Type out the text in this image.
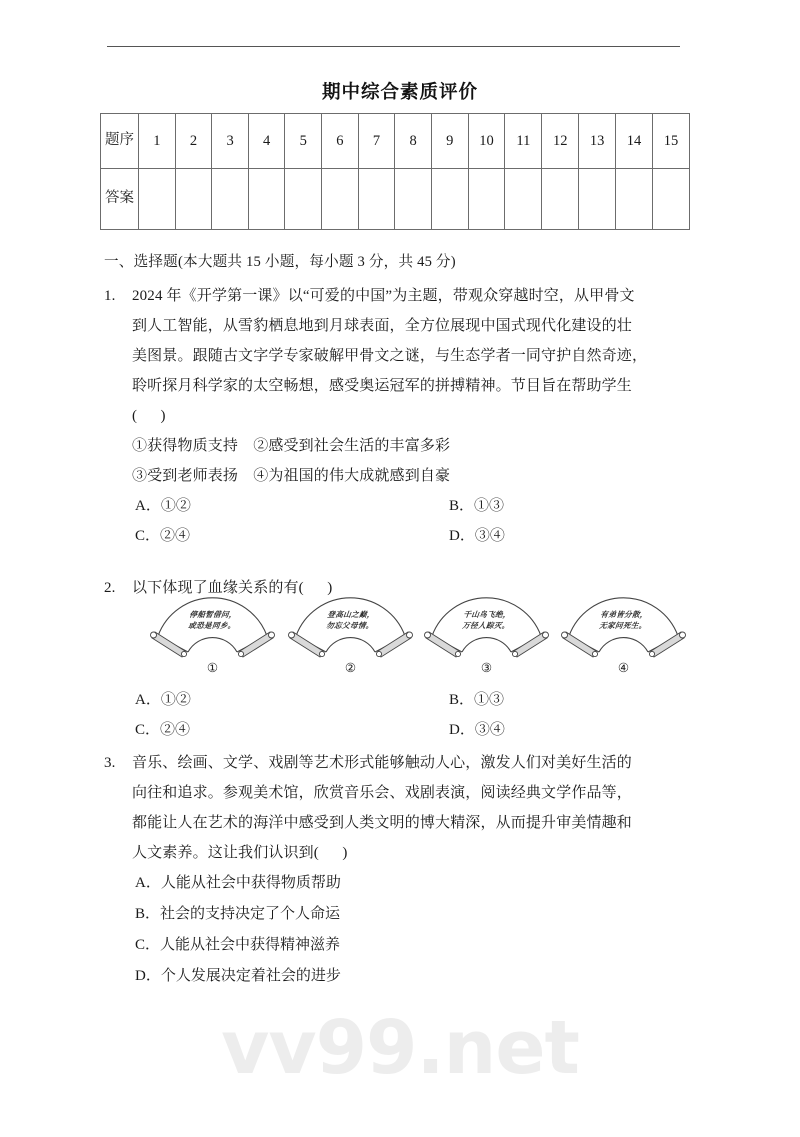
期中综合素质评价
题序	1	2	3	4	5	6	7	8	9	10	11	12	13	14	15

答案															

一、选择题(本大题共 15 小题，每小题 3 分，共 45 分)
1. 2024 年《开学第一课》以“可爱的中国”为主题，带观众穿越时空，从甲骨文
到人工智能，从雪豹栖息地到月球表面，全方位展现中国式现代化建设的壮
美图景。跟随古文字学专家破解甲骨文之谜，与生态学者一同守护自然奇迹，
聆听探月科学家的太空畅想，感受奥运冠军的拼搏精神。节目旨在帮助学生
(      )
①获得物质支持　②感受到社会生活的丰富多彩
③受到老师表扬　④为祖国的伟大成就感到自豪
A．①②	B．①③
C．②④	D．③④
2. 以下体现了血缘关系的有(      )
停船暂借问，
或恐是同乡。
①
登高山之巅，
勿忘父母情。
②
千山鸟飞绝，
万径人踪灭。
③
有弟皆分散，
无家问死生。
④
A．①②	B．①③
C．②④	D．③④
3. 音乐、绘画、文学、戏剧等艺术形式能够触动人心，激发人们对美好生活的
向往和追求。参观美术馆，欣赏音乐会、戏剧表演，阅读经典文学作品等，
都能让人在艺术的海洋中感受到人类文明的博大精深，从而提升审美情趣和
人文素养。这让我们认识到(      )
A．人能从社会中获得物质帮助
B．社会的支持决定了个人命运
C．人能从社会中获得精神滋养
D．个人发展决定着社会的进步
vv99.net
